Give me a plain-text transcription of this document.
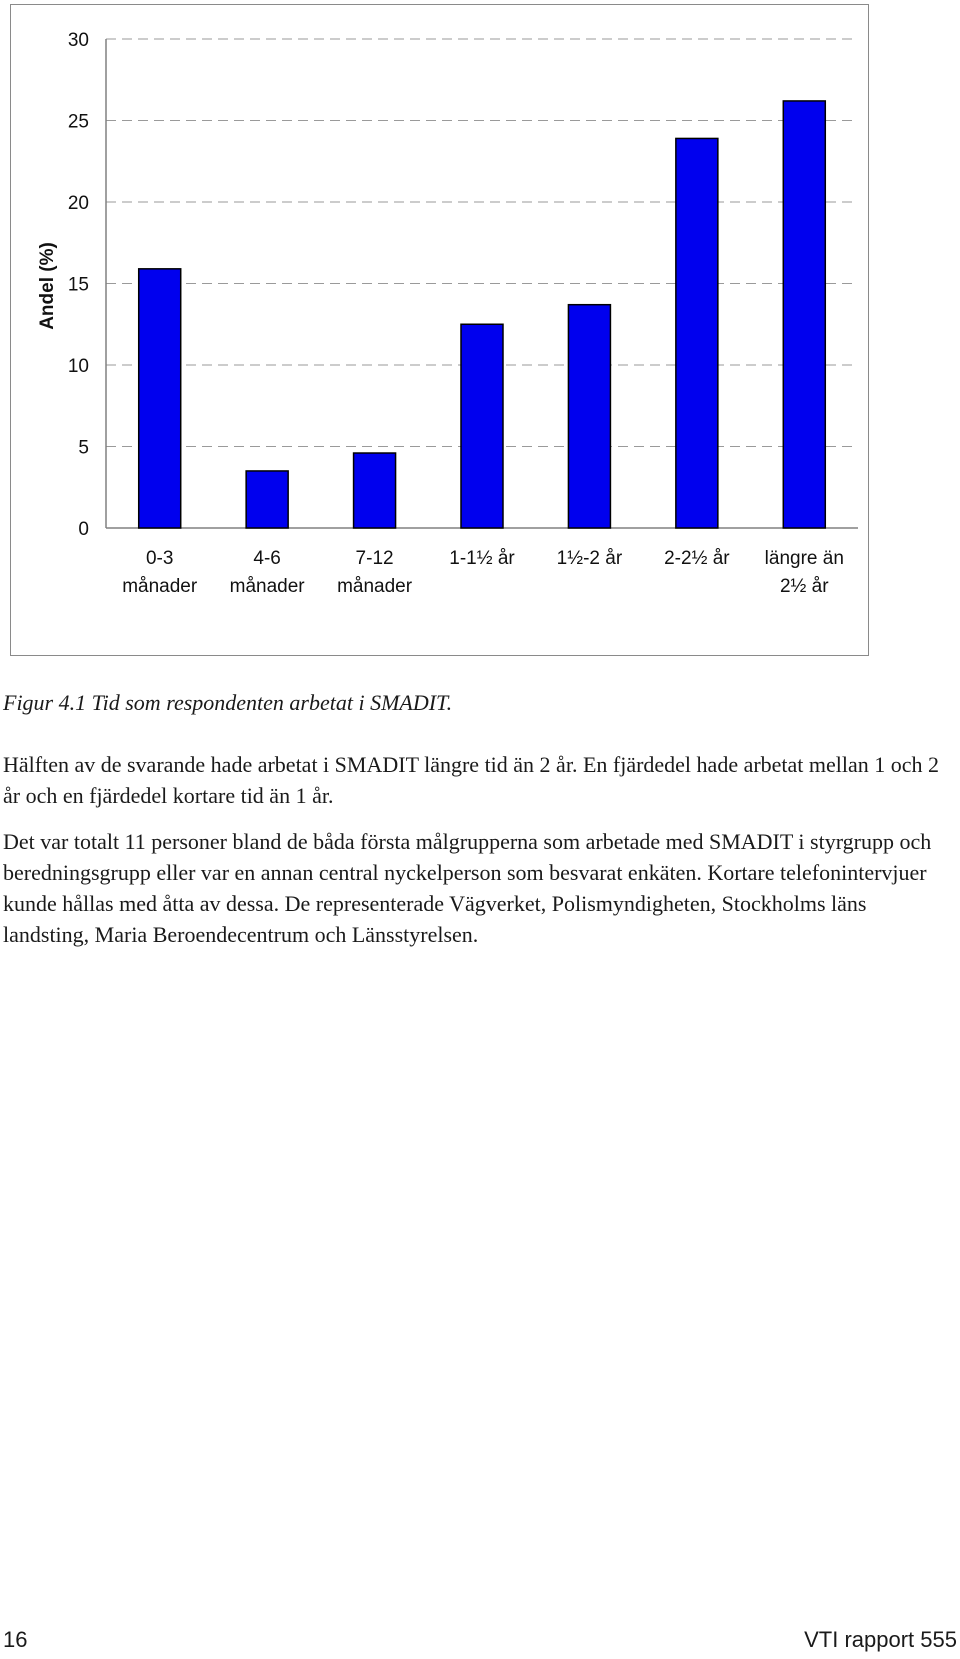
0
5
10
15
20
25
30
0-3
månader
4-6
månader
7-12
månader
1-1½ år 1½-2 år 2-2½ år längre än
2½ år
Andel (%)
Figur 4.1 Tid som respondenten arbetat i SMADIT.

Hälften av de svarande hade arbetat i SMADIT längre tid än 2 år. En fjärdedel hade arbetat mellan 1 och 2 år och en fjärdedel kortare tid än 1 år.

Det var totalt 11 personer bland de båda första målgrupperna som arbetade med SMADIT i styrgrupp och beredningsgrupp eller var en annan central nyckelperson som besvarat enkäten. Kortare telefonintervjuer kunde hållas med åtta av dessa. De representerade Vägverket, Polismyndigheten, Stockholms läns landsting, Maria Beroendecentrum och Länsstyrelsen.

16	VTI rapport 555
